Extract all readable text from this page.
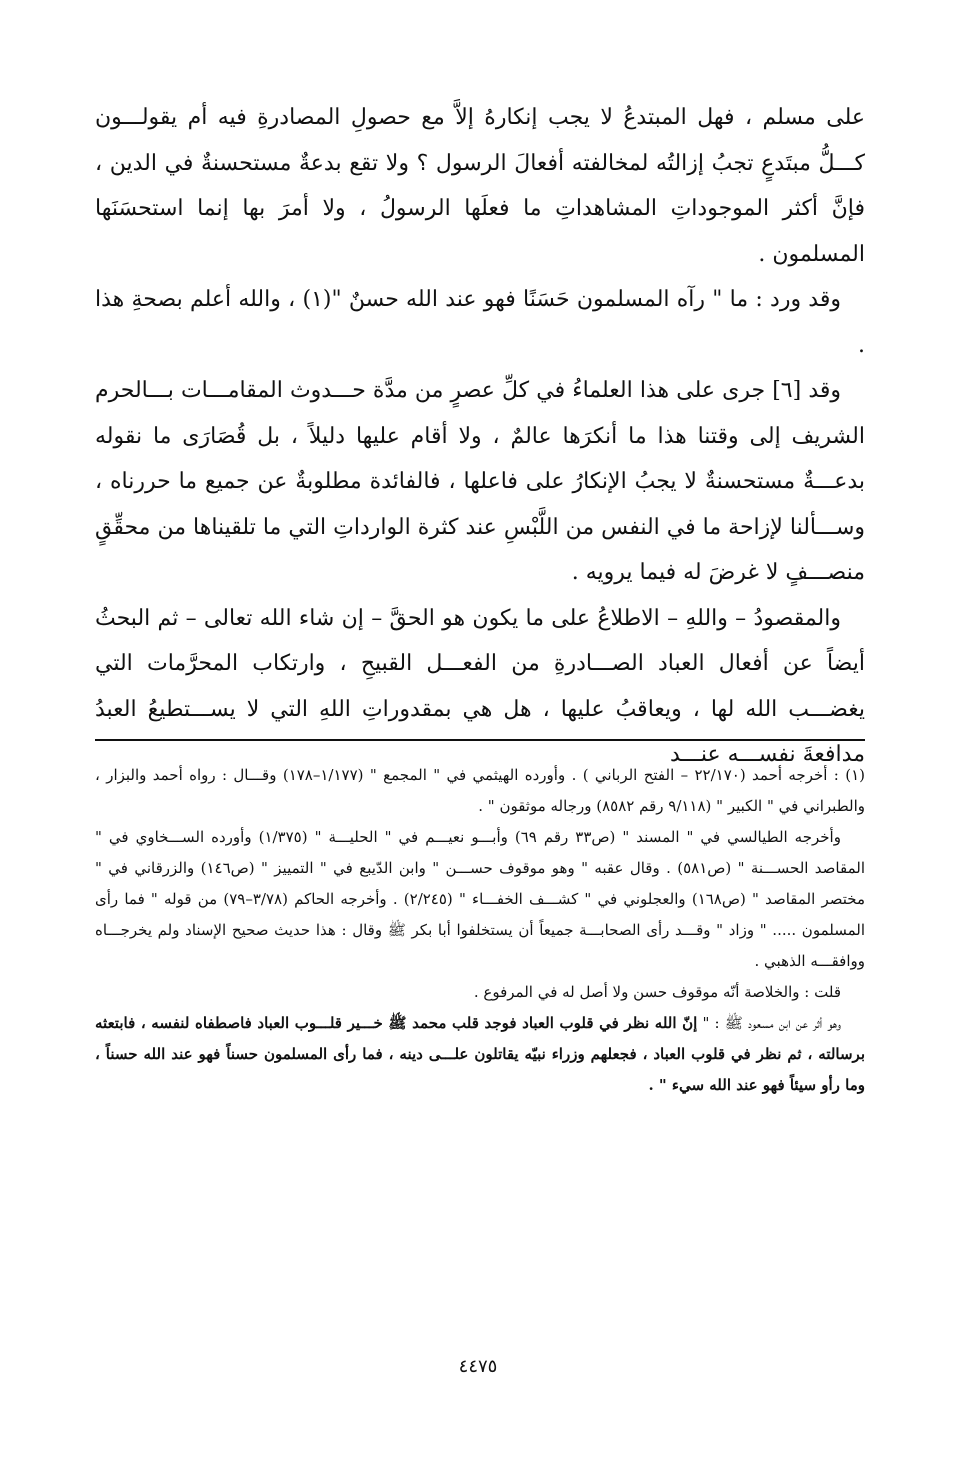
على مسلم ، فهل المبتدعُ لا يجب إنكارهُ إلاَّ مع حصولِ المصادرةِ فيه أم يقولـــون كـــلُّ مبتَدعٍ تجبُ إزالتُه لمخالفته أفعالَ الرسول ؟ ولا تقع بدعةٌ مستحسنةٌ في الدين ، فإنَّ أكثر الموجوداتِ المشاهداتِ ما فعلَها الرسولُ ، ولا أمرَ بها إنما استحسَنَها المسلمون .

وقد ورد : ما " رآه المسلمون حَسَنًا فهو عند الله حسنٌ "(١) ، والله أعلم بصحةِ هذا .

وقد [٦] جرى على هذا العلماءُ في كلِّ عصرٍ من مدَّة حـــدوث المقامـــات بـــالحرم الشريف إلى وقتنا هذا ما أنكرَها عالمٌ ، ولا أقام عليها دليلاً ، بل قُصَارَى ما نقوله بدعـــةٌ مستحسنةٌ لا يجبُ الإنكارُ على فاعلها ، فالفائدة مطلوبةٌ عن جميع ما حررناه ، وســـألنا لإزاحة ما في النفس من اللَّبْسِ عند كثرة الوارداتِ التي ما تلقيناها من محقِّقٍ منصـــفٍ لا غرضَ له فيما يرويه .

والمقصودُ – واللهِ – الاطلاعُ على ما يكون هو الحقَّ – إن شاء الله تعالى – ثم البحثُ أيضاً عن أفعال العباد الصـــادرةِ من الفعـــل القبيحِ ، وارتكاب المحرَّمات التي يغضـــب الله لها ، ويعاقبُ عليها ، هل هي بمقدوراتِ اللهِ التي لا يســـتطيعُ العبدُ مدافعةَ نفســـه عنـــد

(١) : أخرجه أحمد (٢٢/١٧٠ – الفتح الرباني ) . وأورده الهيثمي في " المجمع " (١/١٧٧–١٧٨) وقـــال : رواه أحمد والبزار ، والطبراني في " الكبير " (٩/١١٨ رقم ٨٥٨٢) ورجاله موثقون " .

وأخرجه الطيالسي في " المسند " (ص٣٣ رقم ٦٩) وأبـــو نعيـــم في " الحليـــة " (١/٣٧٥) وأورده الســـخاوي في " المقاصد الحســـنة " (ص٥٨١) . وقال عقبه " وهو موقوف حســـن " وابن الدّيبع في " التمييز " (ص١٤٦) والزرقاني في " مختصر المقاصد " (ص١٦٨) والعجلوني في " كشـــف الخفـــاء " (٢/٢٤٥) . وأخرجه الحاكم (٣/٧٨–٧٩) من قوله " فما رأى المسلمون ..... " وزاد " وقـــد رأى الصحابـــة جميعاً أن يستخلفوا أبا بكر ﷺ وقال : هذا حديث صحيح الإسناد ولم يخرجـــاه ووافقـــه الذهبي .

قلت : والخلاصة أنّه موقوف حسن ولا أصل له في المرفوع .

وهو أثر عن ابن مسعود ﷺ : " إنّ الله نظر في قلوب العباد فوجد قلب محمد ﷺ خـــير قلـــوب العباد فاصطفاه لنفسه ، فابتعثه برسالته ، ثم نظر في قلوب العباد ، فجعلهم وزراء نبيّه يقاتلون علـــى دينه ، فما رأى المسلمون حسناً فهو عند الله حسناً ، وما رأو سيئاً فهو عند الله سيء " .

٤٤٧٥
